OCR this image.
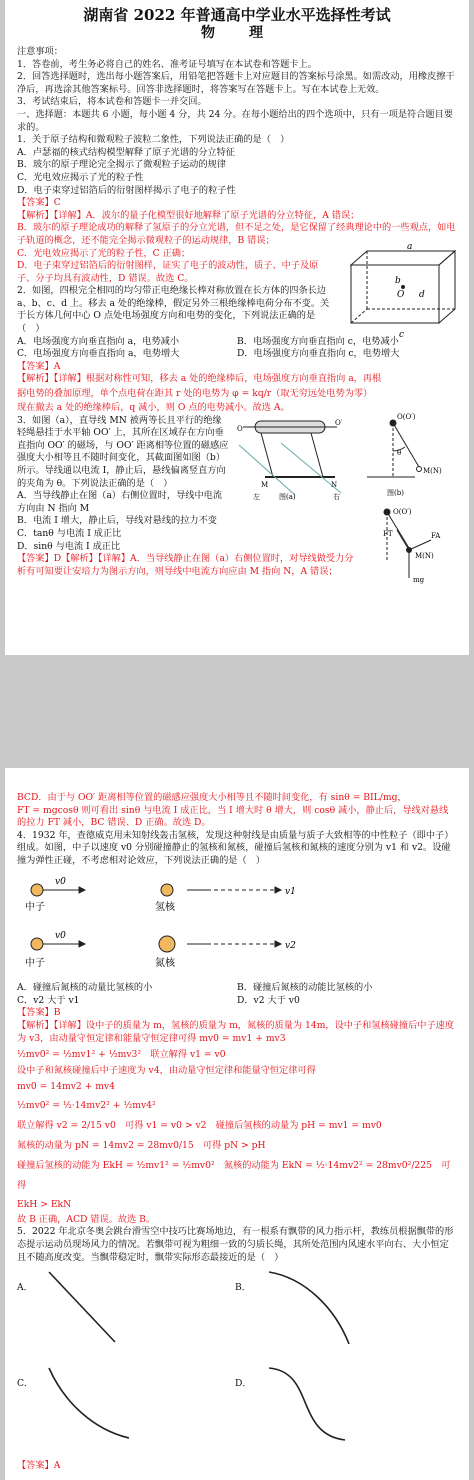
湖南省 2022 年普通高中学业水平选择性考试
物　理

注意事项：

1．答卷前，考生务必将自己的姓名、准考证号填写在本试卷和答题卡上。

2．回答选择题时，选出每小题答案后，用铅笔把答题卡上对应题目的答案标号涂黑。如需改动，用橡皮擦干净后，再选涂其他答案标号。回答非选择题时，将答案写在答题卡上。写在本试卷上无效。

3．考试结束后，将本试卷和答题卡一并交回。

一、选择题：本题共 6 小题，每小题 4 分，共 24 分。在每小题给出的四个选项中，只有一项是符合题目要求的。

1．关于原子结构和微观粒子波粒二象性，下列说法正确的是（　）

A．卢瑟福的核式结构模型解释了原子光谱的分立特征

B．玻尔的原子理论完全揭示了微观粒子运动的规律

C．光电效应揭示了光的粒子性

D．电子束穿过铝箔后的衍射图样揭示了电子的粒子性

【答案】C

【解析】【详解】A．波尔的量子化模型很好地解释了原子光谱的分立特征，A 错误；

B．玻尔的原子理论成功的解释了氢原子的分立光谱，但不足之处，是它保留了经典理论中的一些观点，如电子轨道的概念，还不能完全揭示微观粒子的运动规律，B 错误；

C．光电效应揭示了光的粒子性，C 正确；

D．电子束穿过铝箔后的衍射图样，证实了电子的波动性，质子、中子及原子、分子均具有波动性，D 错误。故选 C。

2．如图，四根完全相同的均匀带正电绝缘长棒对称放置在长方体的四条长边 a、b、c、d 上。移去 a 处的绝缘棒，假定另外三根绝缘棒电荷分布不变。关于长方体几何中心 O 点处电场强度方向和电势的变化，下列说法正确的是（　）

a
b
c
d
O
A．电场强度方向垂直指向 a，电势减小	B．电场强度方向垂直指向 c，电势减小
C．电场强度方向垂直指向 a，电势增大	D．电场强度方向垂直指向 c，电势增大

【答案】A

【解析】【详解】根据对称性可知，移去 a 处的绝缘棒后，电场强度方向垂直指向 a，再根

据电势的叠加原理，单个点电荷在距其 r 处的电势为 φ = kq/r（取无穷远处电势为零）

现在撤去 a 处的绝缘棒后，q 减小，则 O 点的电势减小。故选 A。

3．如图（a），直导线 MN 被两等长且平行的绝缘轻绳悬挂于水平轴 OO′ 上，其所在区域存在方向垂直指向 OO′ 的磁场，与 OO′ 距离相等位置的磁感应强度大小相等且不随时间变化，其截面图如图（b）所示。导线通以电流 I，静止后，悬线偏离竖直方向的夹角为 θ。下列说法正确的是（　）

O
O′
M	N
左	右
图(a)
O(O′)
θ
M(N)
图(b)

A．当导线静止在图（a）右侧位置时，导线中电流方向由 N 指向 M

B．电流 I 增大，静止后，导线对悬线的拉力不变

C．tanθ 与电流 I 成正比

D．sinθ 与电流 I 成正比

O(O′)
FT	FA
M(N)
mg

【答案】D【解析】【详解】A．当导线静止在图（a）右侧位置时，对导线做受力分析有可知要让安培力为图示方向，则导线中电流方向应由 M 指向 N，A 错误；

BCD．由于与 OO′ 距离相等位置的磁感应强度大小相等且不随时间变化，有 sinθ = BIL/mg，

FT = mgcosθ 则可看出 sinθ 与电流 I 成正比，当 I 增大时 θ 增大，则 cosθ 减小，静止后，导线对悬线的拉力 FT 减小，BC 错误、D 正确。故选 D。

4．1932 年，查德威克用未知射线轰击氢核，发现这种射线是由质量与质子大致相等的中性粒子（即中子）组成。如图，中子以速度 v0 分别碰撞静止的氢核和氮核，碰撞后氢核和氮核的速度分别为 v1 和 v2。设碰撞为弹性正碰，不考虑相对论效应，下列说法正确的是（　）

v0
中子	氢核
v1
v0
中子	氮核
v2
A．碰撞后氮核的动量比氢核的小	B．碰撞后氮核的动能比氢核的小
C．v2 大于 v1	D．v2 大于 v0

【答案】B

【解析】【详解】设中子的质量为 m，氢核的质量为 m，氮核的质量为 14m，设中子和氢核碰撞后中子速度为 v3，由动量守恒定律和能量守恒定律可得 mv0 = mv1 + mv3

½mv0² = ½mv1² + ½mv3²　联立解得 v1 = v0

设中子和氮核碰撞后中子速度为 v4，由动量守恒定律和能量守恒定律可得

mv0 = 14mv2 + mv4

½mv0² = ½·14mv2² + ½mv4²

联立解得 v2 = 2/15 v0　可得 v1 = v0 > v2　碰撞后氢核的动量为 pH = mv1 = mv0

氮核的动量为 pN = 14mv2 = 28mv0/15　可得 pN > pH

碰撞后氢核的动能为 EkH = ½mv1² = ½mv0²　氮核的动能为 EkN = ½·14mv2² = 28mv0²/225　可得

EkH > EkN

故 B 正确，ACD 错误。故选 B。

5．2022 年北京冬奥会跳台滑雪空中技巧比赛场地边，有一根系有飘带的风力指示杆，教练员根据飘带的形态提示运动员现场风力的情况。若飘带可视为粗细一致的匀质长绳，其所处范围内风速水平向右、大小恒定且不随高度改变。当飘带稳定时，飘带实际形态最接近的是（　）

A．	B．
C．	D．

【答案】A
